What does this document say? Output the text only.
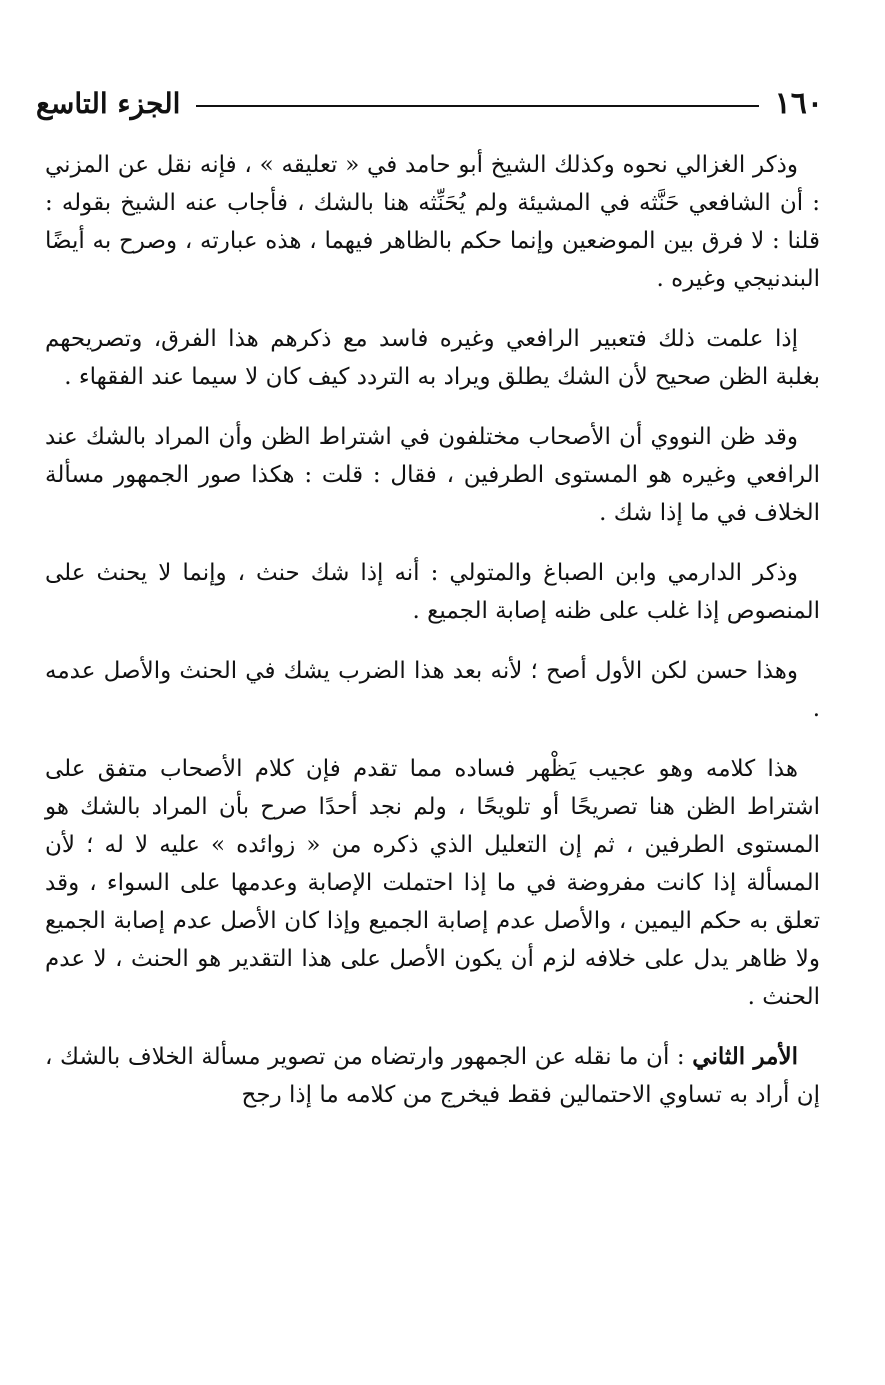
١٦٠
الجزء التاسع

وذكر الغزالي نحوه وكذلك الشيخ أبو حامد في « تعليقه » ، فإنه نقل عن المزني : أن الشافعي حَنَّثه في المشيئة ولم يُحَنِّثه هنا بالشك ، فأجاب عنه الشيخ بقوله : قلنا : لا فرق بين الموضعين وإنما حكم بالظاهر فيهما ، هذه عبارته ، وصرح به أيضًا البندنيجي وغيره .

إذا علمت ذلك فتعبير الرافعي وغيره فاسد مع ذكرهم هذا الفرق، وتصريحهم بغلبة الظن صحيح لأن الشك يطلق ويراد به التردد كيف كان لا سيما عند الفقهاء .

وقد ظن النووي أن الأصحاب مختلفون في اشتراط الظن وأن المراد بالشك عند الرافعي وغيره هو المستوى الطرفين ، فقال : قلت : هكذا صور الجمهور مسألة الخلاف في ما إذا شك .

وذكر الدارمي وابن الصباغ والمتولي : أنه إذا شك حنث ، وإنما لا يحنث على المنصوص إذا غلب على ظنه إصابة الجميع .

وهذا حسن لكن الأول أصح ؛ لأنه بعد هذا الضرب يشك في الحنث والأصل عدمه .

هذا كلامه وهو عجيب يَظْهر فساده مما تقدم فإن كلام الأصحاب متفق على اشتراط الظن هنا تصريحًا أو تلويحًا ، ولم نجد أحدًا صرح بأن المراد بالشك هو المستوى الطرفين ، ثم إن التعليل الذي ذكره من « زوائده » عليه لا له ؛ لأن المسألة إذا كانت مفروضة في ما إذا احتملت الإصابة وعدمها على السواء ، وقد تعلق به حكم اليمين ، والأصل عدم إصابة الجميع وإذا كان الأصل عدم إصابة الجميع ولا ظاهر يدل على خلافه لزم أن يكون الأصل على هذا التقدير هو الحنث ، لا عدم الحنث .

الأمر الثاني : أن ما نقله عن الجمهور وارتضاه من تصوير مسألة الخلاف بالشك ، إن أراد به تساوي الاحتمالين فقط فيخرج من كلامه ما إذا رجح
